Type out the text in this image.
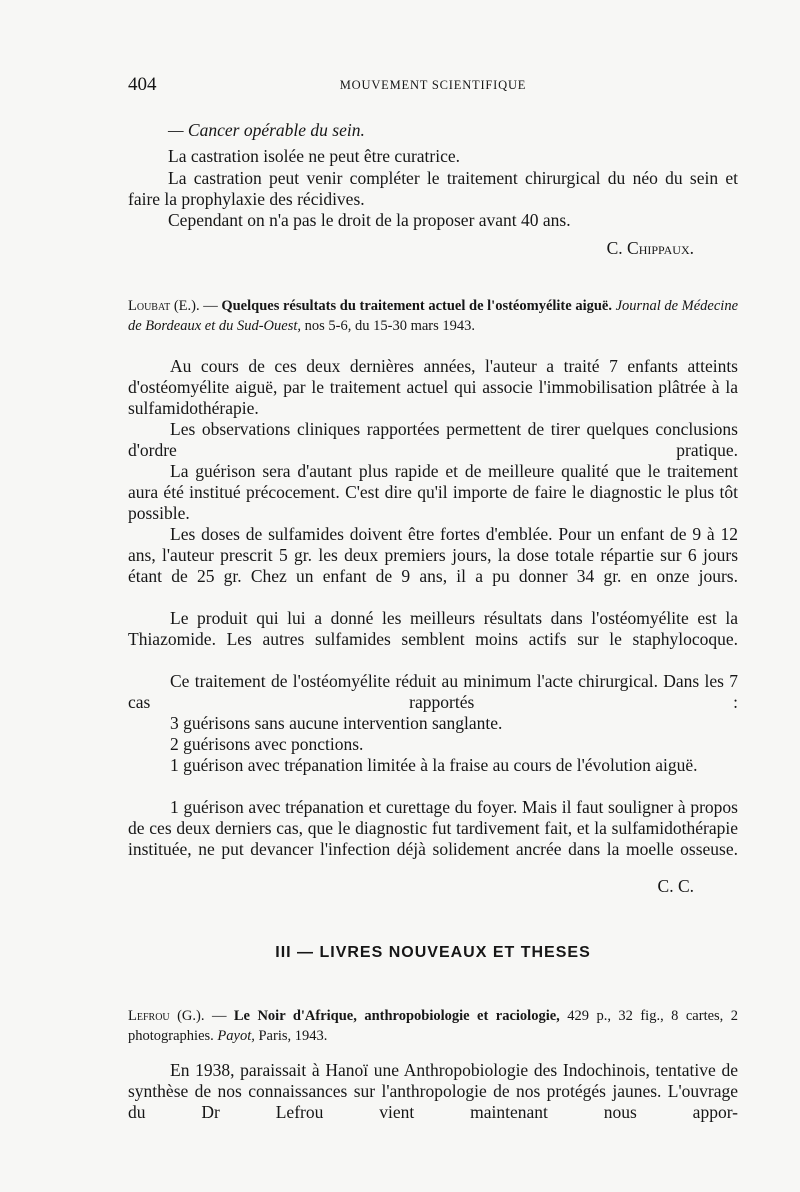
404	MOUVEMENT SCIENTIFIQUE

— Cancer opérable du sein.

La castration isolée ne peut être curatrice.

La castration peut venir compléter le traitement chirurgical du néo du sein et faire la prophylaxie des récidives.

Cependant on n'a pas le droit de la proposer avant 40 ans.

C. Chippaux.

Loubat (E.). — Quelques résultats du traitement actuel de l'ostéomyélite aiguë. Journal de Médecine de Bordeaux et du Sud-Ouest, nos 5-6, du 15-30 mars 1943.

Au cours de ces deux dernières années, l'auteur a traité 7 enfants atteints d'ostéomyélite aiguë, par le traitement actuel qui associe l'immobilisation plâtrée à la sulfamidothérapie.

Les observations cliniques rapportées permettent de tirer quelques conclusions d'ordre pratique.

La guérison sera d'autant plus rapide et de meilleure qualité que le traitement aura été institué précocement. C'est dire qu'il importe de faire le diagnostic le plus tôt possible.

Les doses de sulfamides doivent être fortes d'emblée. Pour un enfant de 9 à 12 ans, l'auteur prescrit 5 gr. les deux premiers jours, la dose totale répartie sur 6 jours étant de 25 gr. Chez un enfant de 9 ans, il a pu donner 34 gr. en onze jours.

Le produit qui lui a donné les meilleurs résultats dans l'ostéomyélite est la Thiazomide. Les autres sulfamides semblent moins actifs sur le staphylocoque.

Ce traitement de l'ostéomyélite réduit au minimum l'acte chirurgical. Dans les 7 cas rapportés :

3 guérisons sans aucune intervention sanglante.

2 guérisons avec ponctions.

1 guérison avec trépanation limitée à la fraise au cours de l'évolution aiguë.

1 guérison avec trépanation et curettage du foyer. Mais il faut souligner à propos de ces deux derniers cas, que le diagnostic fut tardivement fait, et la sulfamidothérapie instituée, ne put devancer l'infection déjà solidement ancrée dans la moelle osseuse.

C. C.

III — LIVRES NOUVEAUX ET THESES
Lefrou (G.). — Le Noir d'Afrique, anthropobiologie et raciologie, 429 p., 32 fig., 8 cartes, 2 photographies. Payot, Paris, 1943.

En 1938, paraissait à Hanoï une Anthropobiologie des Indochinois, tentative de synthèse de nos connaissances sur l'anthropologie de nos protégés jaunes. L'ouvrage du Dr Lefrou vient maintenant nous appor-
